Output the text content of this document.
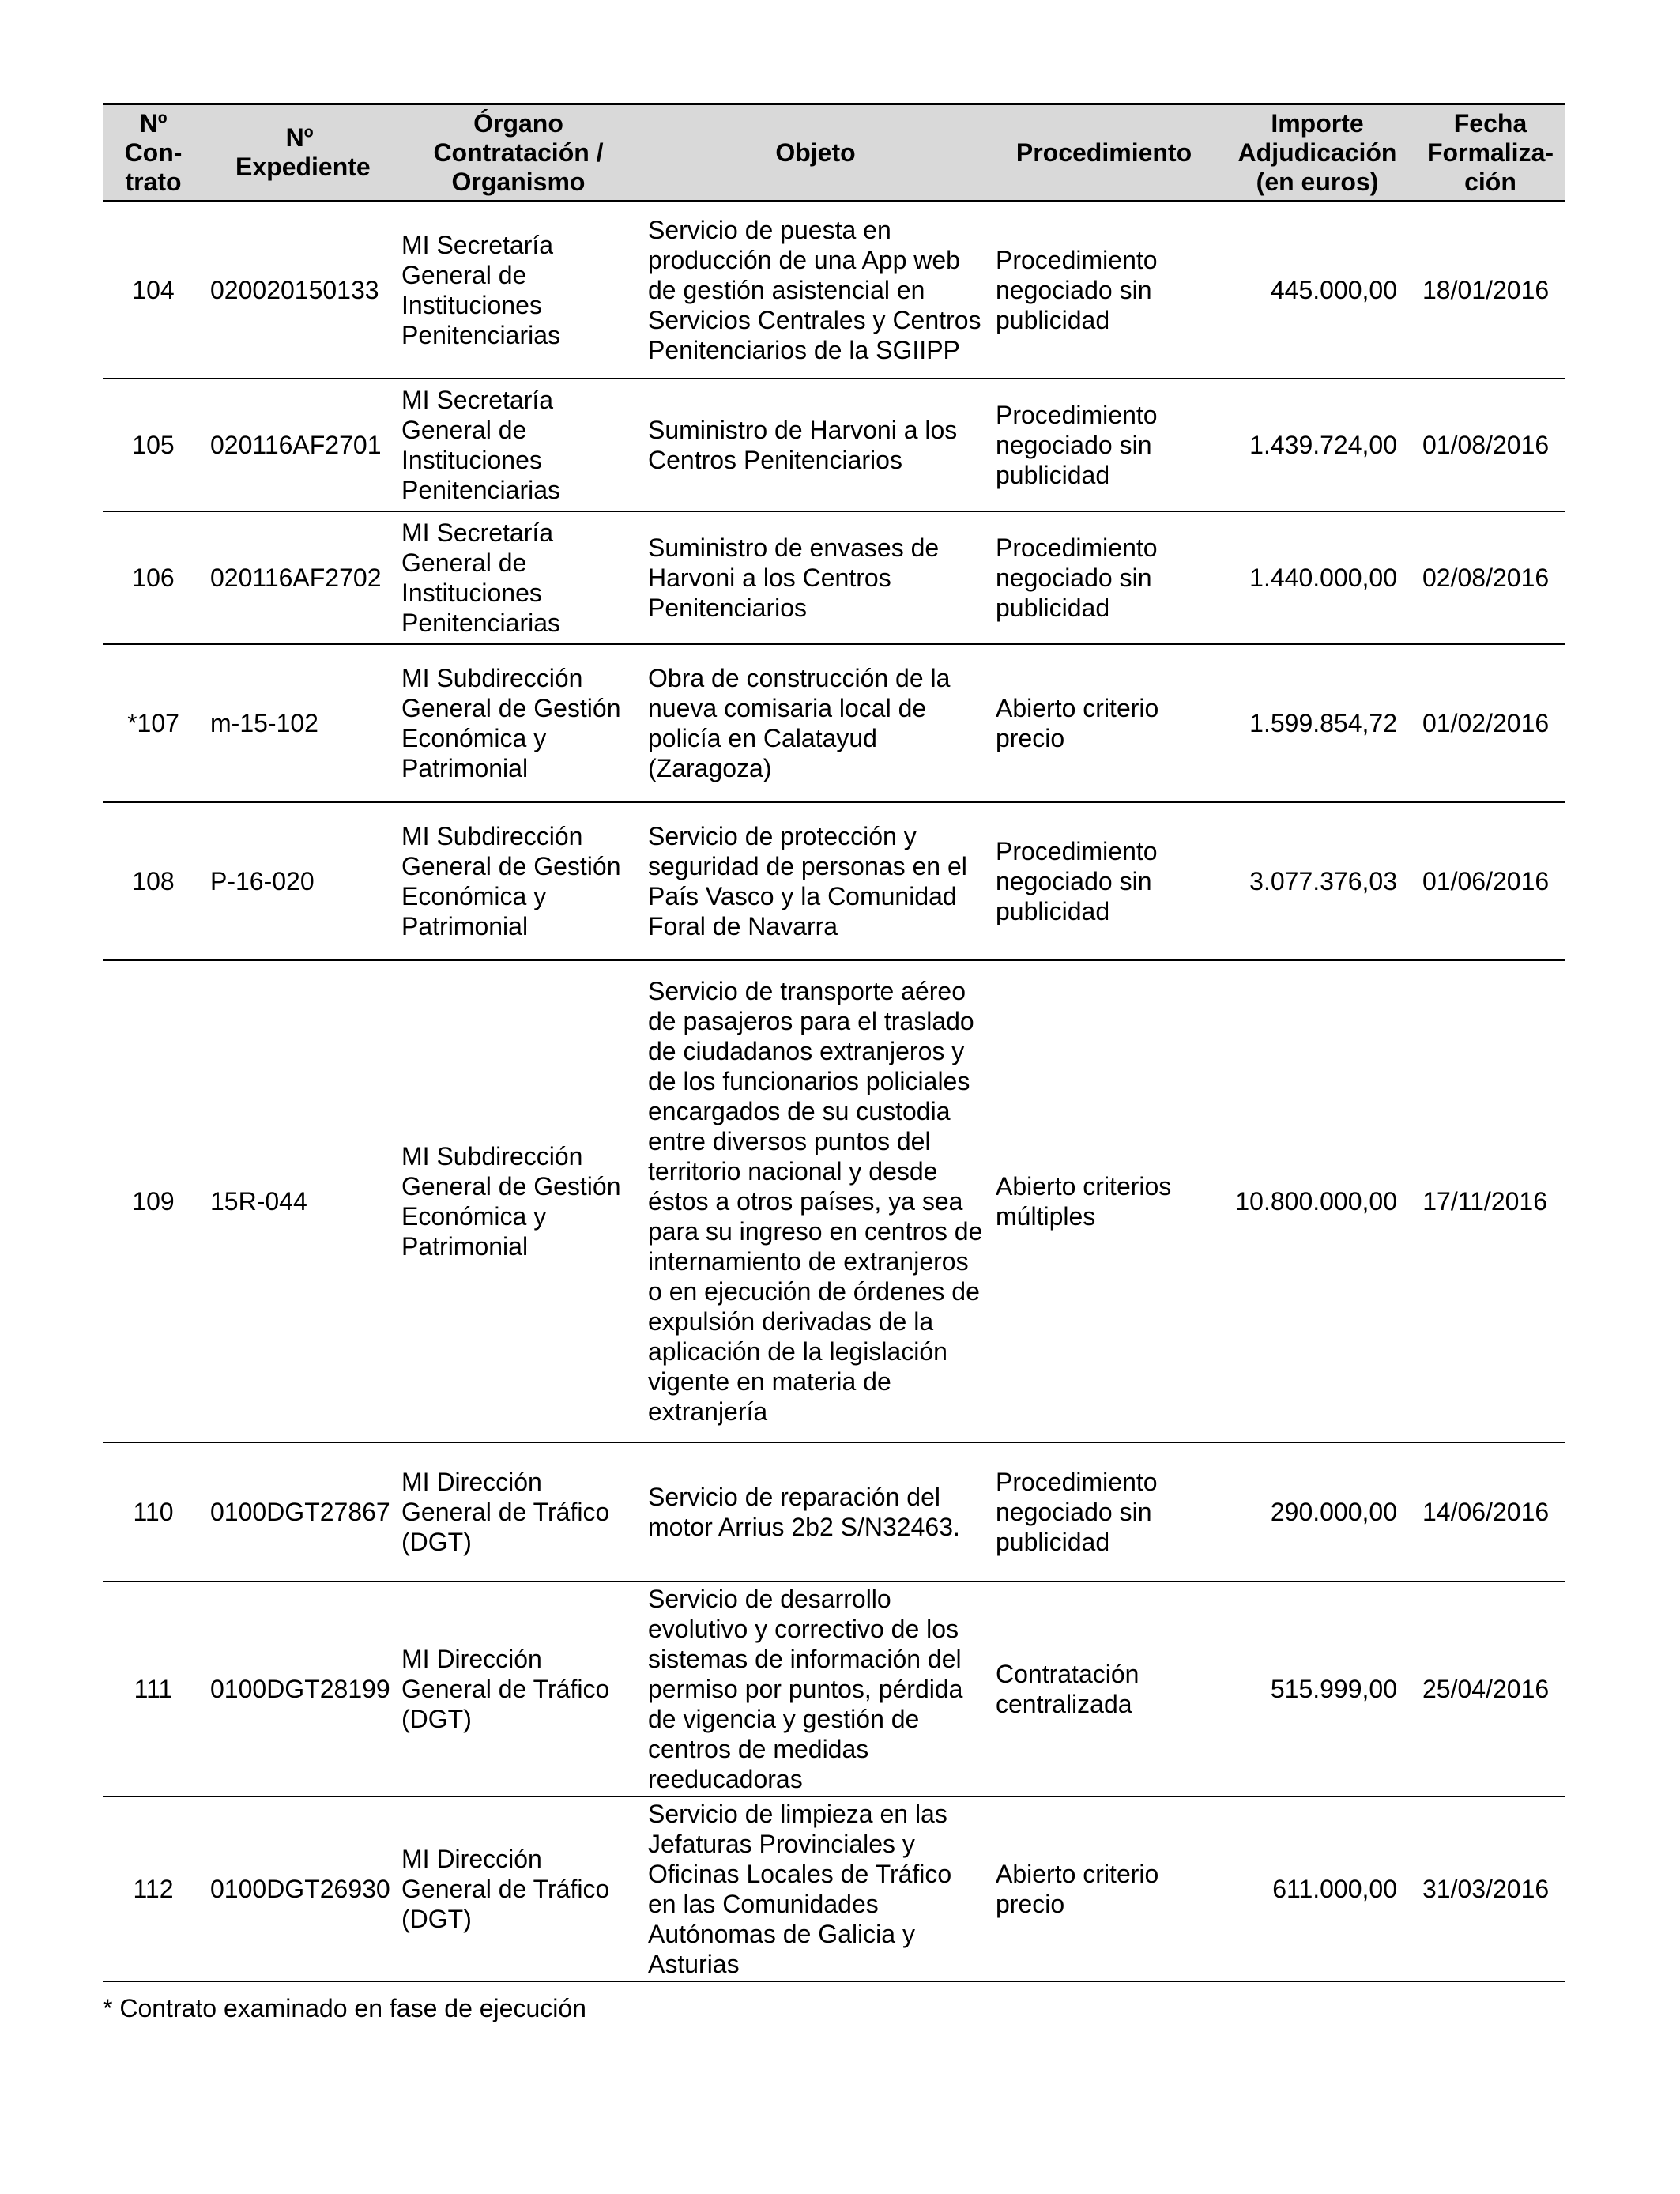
Nº Con-trato	Nº Expediente	Órgano Contratación / Organismo	Objeto	Procedimiento	Importe Adjudicación (en euros)	Fecha Formaliza-ción
104	020020150133	MI Secretaría General de Instituciones Penitenciarias	Servicio de puesta en producción de una App web de gestión asistencial en Servicios Centrales y Centros Penitenciarios de la SGIIPP	Procedimiento negociado sin publicidad	445.000,00	18/01/2016
105	020116AF2701	MI Secretaría General de Instituciones Penitenciarias	Suministro de Harvoni a los Centros Penitenciarios	Procedimiento negociado sin publicidad	1.439.724,00	01/08/2016
106	020116AF2702	MI Secretaría General de Instituciones Penitenciarias	Suministro de envases de Harvoni a los Centros Penitenciarios	Procedimiento negociado sin publicidad	1.440.000,00	02/08/2016
*107	m-15-102	MI Subdirección General de Gestión Económica y Patrimonial	Obra de construcción de la nueva comisaria local de policía en Calatayud (Zaragoza)	Abierto criterio precio	1.599.854,72	01/02/2016
108	P-16-020	MI Subdirección General de Gestión Económica y Patrimonial	Servicio de protección y seguridad de personas en el País Vasco y la Comunidad Foral de Navarra	Procedimiento negociado sin publicidad	3.077.376,03	01/06/2016
109	15R-044	MI Subdirección General de Gestión Económica y Patrimonial	Servicio de transporte aéreo de pasajeros para el traslado de ciudadanos extranjeros y de los funcionarios policiales encargados de su custodia entre diversos puntos del territorio nacional y desde éstos a otros países, ya sea para su ingreso en centros de internamiento de extranjeros o en ejecución de órdenes de expulsión derivadas de la aplicación de la legislación vigente en materia de extranjería	Abierto criterios múltiples	10.800.000,00	17/11/2016
110	0100DGT27867	MI Dirección General de Tráfico (DGT)	Servicio de reparación del motor Arrius 2b2 S/N32463.	Procedimiento negociado sin publicidad	290.000,00	14/06/2016
111	0100DGT28199	MI Dirección General de Tráfico (DGT)	Servicio de desarrollo evolutivo y correctivo de los sistemas de información del permiso por puntos, pérdida de vigencia y gestión de centros de medidas reeducadoras	Contratación centralizada	515.999,00	25/04/2016
112	0100DGT26930	MI Dirección General de Tráfico (DGT)	Servicio de limpieza en las Jefaturas Provinciales y Oficinas Locales de Tráfico en las Comunidades Autónomas de Galicia y Asturias	Abierto criterio precio	611.000,00	31/03/2016
* Contrato examinado en fase de ejecución
